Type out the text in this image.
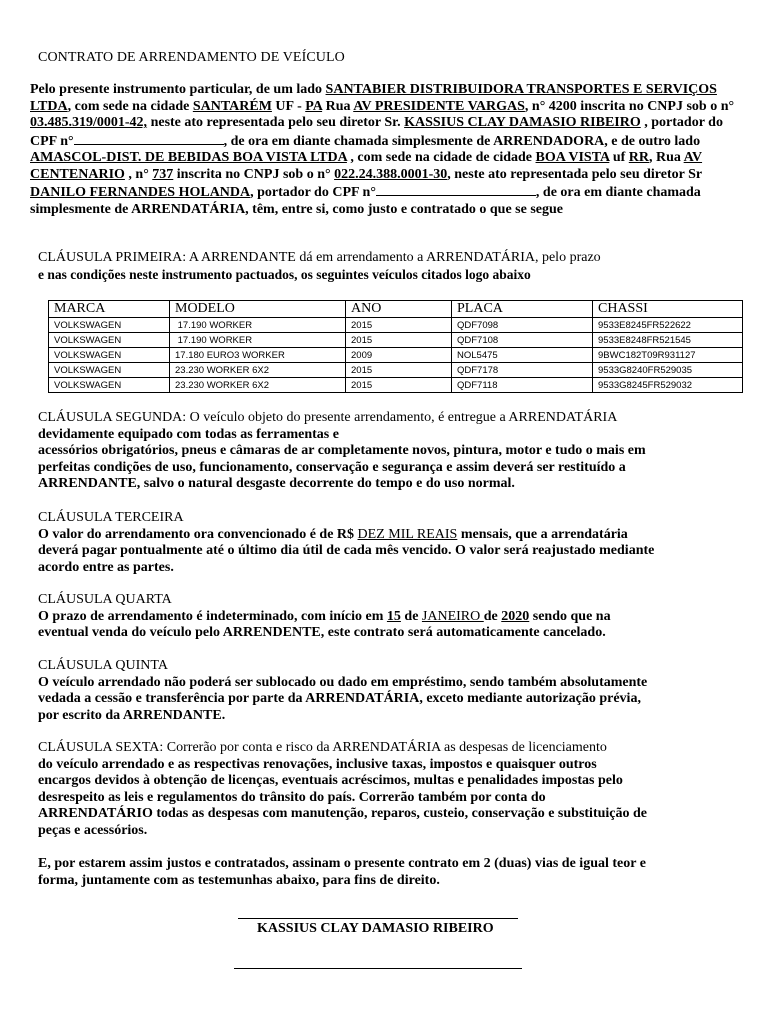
CONTRATO DE ARRENDAMENTO DE VEÍCULO
Pelo presente instrumento particular, de um lado SANTABIER DISTRIBUIDORA TRANSPORTES E SERVIÇOS LTDA, com sede na cidade SANTARÉM UF - PA Rua AV PRESIDENTE VARGAS, n° 4200 inscrita no CNPJ sob o n° 03.485.319/0001-42, neste ato representada pelo seu diretor Sr. KASSIUS CLAY DAMASIO RIBEIRO , portador do CPF n°	, de ora em diante chamada simplesmente de ARRENDADORA, e de outro lado AMASCOL-DIST. DE BEBIDAS BOA VISTA LTDA , com sede na cidade de cidade BOA VISTA uf RR, Rua AV CENTENARIO , n° 737 inscrita no CNPJ sob o n° 022.24.388.0001-30, neste ato representada pelo seu diretor Sr DANILO FERNANDES HOLANDA, portador do CPF n°	, de ora em diante chamada simplesmente de ARRENDATÁRIA, têm, entre si, como justo e contratado o que se segue
CLÁUSULA PRIMEIRA: A ARRENDANTE dá em arrendamento a ARRENDATÁRIA, pelo prazo
e nas condições neste instrumento pactuados, os seguintes veículos citados logo abaixo
MARCA	MODELO	ANO	PLACA	CHASSI
VOLKSWAGEN	17.190 WORKER	2015	QDF7098	9533E8245FR522622
VOLKSWAGEN	17.190 WORKER	2015	QDF7108	9533E8248FR521545
VOLKSWAGEN	17.180 EURO3 WORKER	2009	NOL5475	9BWC182T09R931127
VOLKSWAGEN	23.230 WORKER 6X2	2015	QDF7178	9533G8240FR529035
VOLKSWAGEN	23.230 WORKER 6X2	2015	QDF7118	9533G8245FR529032
CLÁUSULA SEGUNDA: O veículo objeto do presente arrendamento, é entregue a ARRENDATÁRIA
devidamente equipado com todas as ferramentas e
acessórios obrigatórios, pneus e câmaras de ar completamente novos, pintura, motor e tudo o mais em
perfeitas condições de uso, funcionamento, conservação e segurança e assim deverá ser restituído a
ARRENDANTE, salvo o natural desgaste decorrente do tempo e do uso normal.
CLÁUSULA TERCEIRA
O valor do arrendamento ora convencionado é de R$ DEZ MIL REAIS mensais, que a arrendatária
deverá pagar pontualmente até o último dia útil de cada mês vencido. O valor será reajustado mediante
acordo entre as partes.
CLÁUSULA QUARTA
O prazo de arrendamento é indeterminado, com início em 15 de JANEIRO de 2020 sendo que na
eventual venda do veículo pelo ARRENDENTE, este contrato será automaticamente cancelado.
CLÁUSULA QUINTA
O veículo arrendado não poderá ser sublocado ou dado em empréstimo, sendo também absolutamente
vedada a cessão e transferência por parte da ARRENDATÁRIA, exceto mediante autorização prévia,
por escrito da ARRENDANTE.
CLÁUSULA SEXTA: Correrão por conta e risco da ARRENDATÁRIA as despesas de licenciamento
do veículo arrendado e as respectivas renovações, inclusive taxas, impostos e quaisquer outros
encargos devidos à obtenção de licenças, eventuais acréscimos, multas e penalidades impostas pelo
desrespeito as leis e regulamentos do trânsito do país. Correrão também por conta do
ARRENDATÁRIO todas as despesas com manutenção, reparos, custeio, conservação e substituição de
peças e acessórios.
E, por estarem assim justos e contratados, assinam o presente contrato em 2 (duas) vias de igual teor e
forma, juntamente com as testemunhas abaixo, para fins de direito.
KASSIUS CLAY DAMASIO RIBEIRO
